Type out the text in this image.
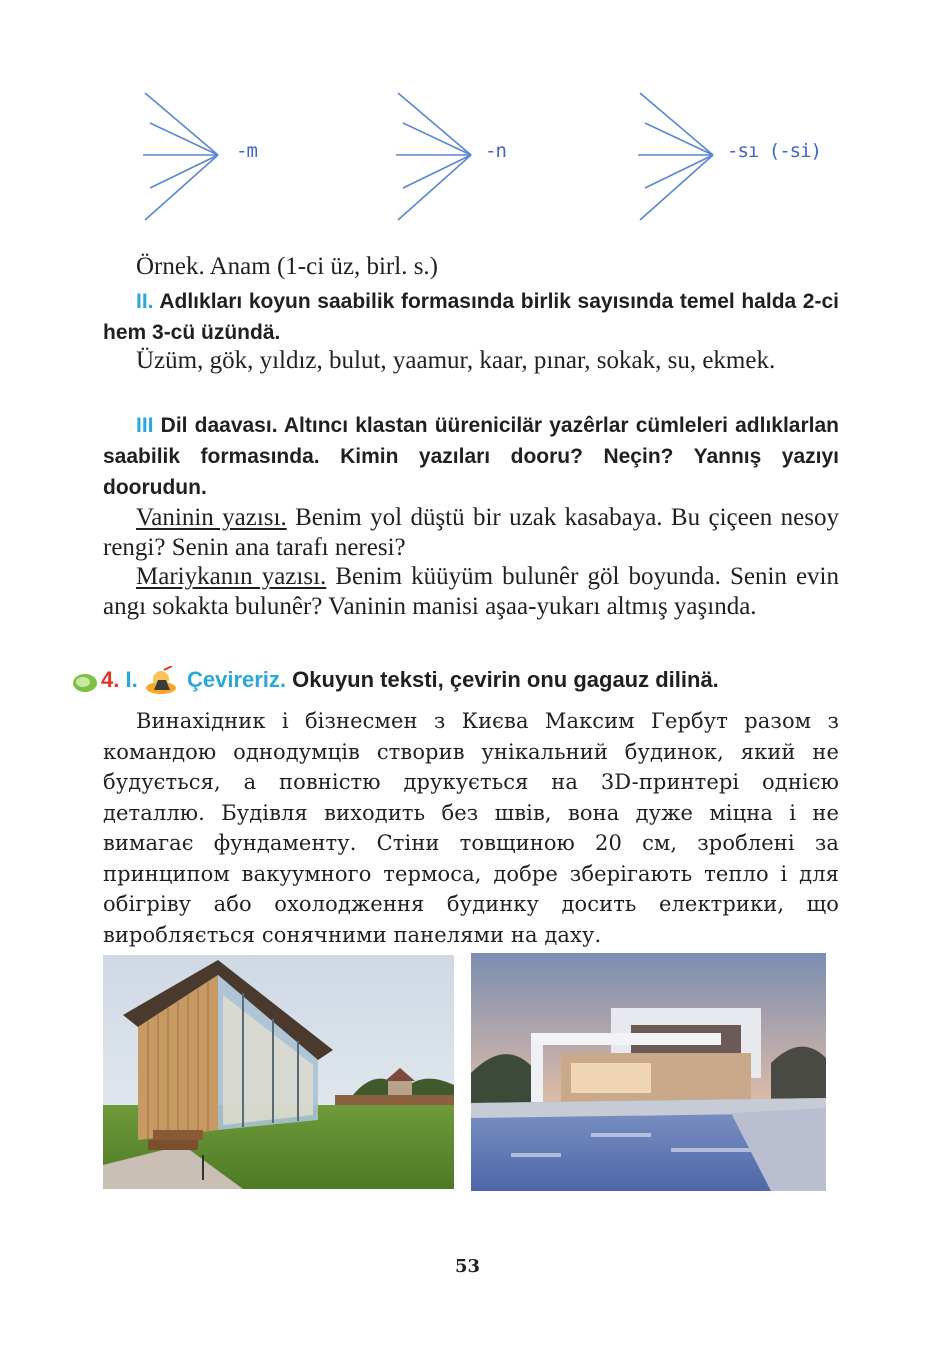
-m	-n	-sı (-si)
Örnek. Anam (1-ci üz, birl. s.)
II. Adlıkları koyun saabilik formasında birlik sayısında temel halda 2-ci hem 3-cü üzündä.
Üzüm, gök, yıldız, bulut, yaamur, kaar, pınar, sokak, su, ekmek.
III Dil daavası. Altıncı klastan üürenicilär yazêrlar cümleleri adlıklarlan saabilik formasında. Kimin yazıları dooru? Neçin? Yannış yazıyı doorudun.
Vaninin yazısı. Benim yol düştü bir uzak kasabaya. Bu çiçeen nesoy rengi? Senin ana tarafı neresi?
Mariykanın yazısı. Benim küüyüm bulunêr göl boyunda. Senin evin angı sokakta bulunêr? Vaninin manisi aşaa-yukarı altmış yaşında.
4. I. Çevireriz. Okuyun teksti, çevirin onu gagauz dilinä.
Винахідник і бізнесмен з Києва Максим Гербут разом з командою однодумців створив унікальний будинок, який не будується, а повністю друкується на 3D-принтері однією деталлю. Будівля виходить без швів, вона дуже міцна і не вимагає фундаменту. Стіни товщиною 20 см, зроблені за принципом вакуумного термоса, добре зберігають тепло і для обігріву або охолодження будинку досить електрики, що виробляється сонячними панелями на даху.
53
